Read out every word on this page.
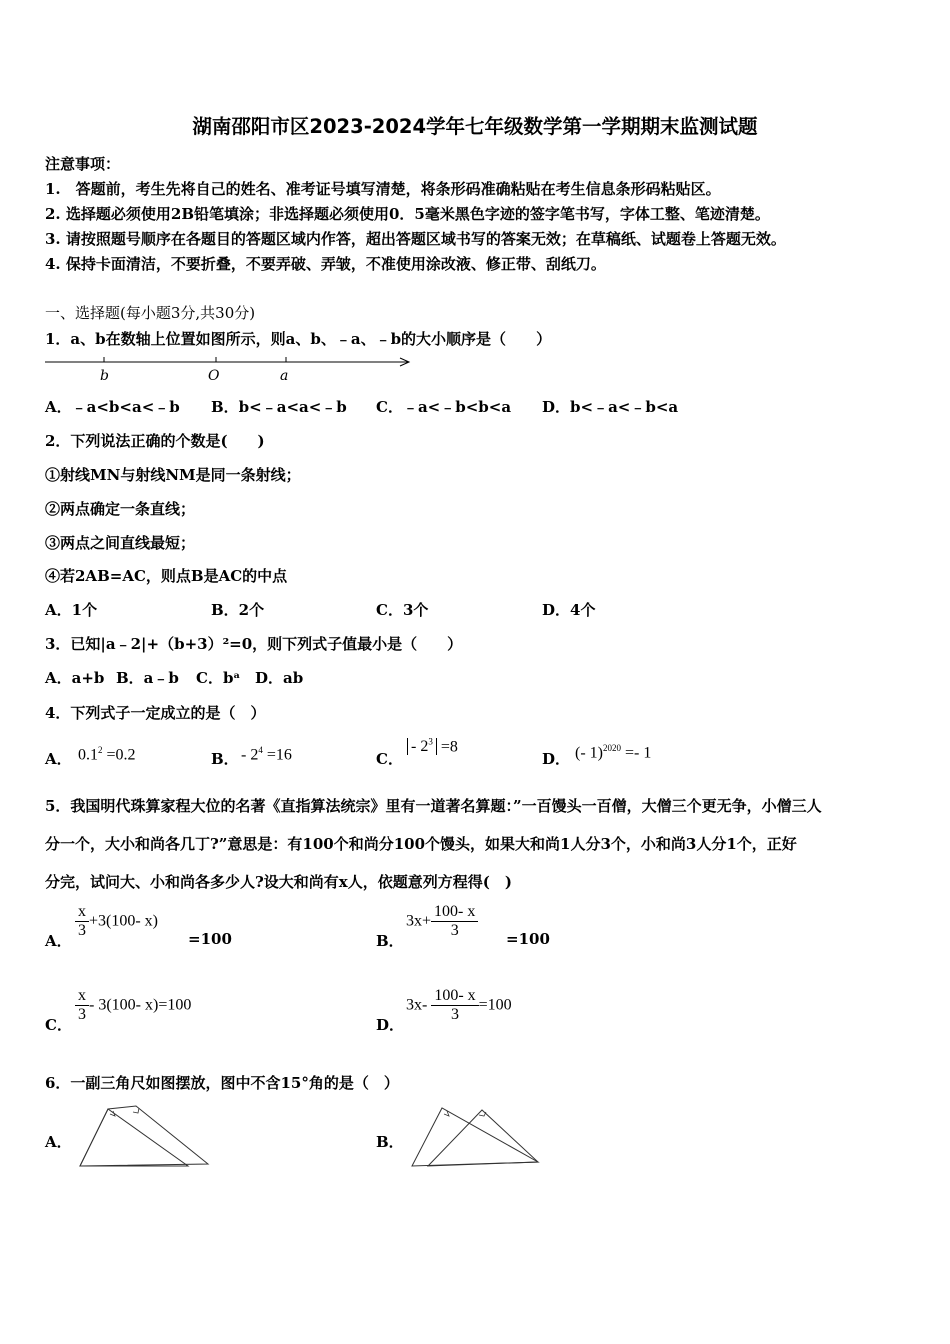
湖南邵阳市区2023-2024学年七年级数学第一学期期末监测试题
注意事项：
1.　答题前，考生先将自己的姓名、准考证号填写清楚，将条形码准确粘贴在考生信息条形码粘贴区。
2. 选择题必须使用2B铅笔填涂；非选择题必须使用0．5毫米黑色字迹的签字笔书写，字体工整、笔迹清楚。
3. 请按照题号顺序在各题目的答题区域内作答，超出答题区域书写的答案无效；在草稿纸、试题卷上答题无效。
4. 保持卡面清洁，不要折叠，不要弄破、弄皱，不准使用涂改液、修正带、刮纸刀。
一、选择题(每小题3分,共30分)
1．a、b在数轴上位置如图所示，则a、b、﹣a、﹣b的大小顺序是（　　）
b	O	a
A．﹣a<b<a<﹣b B．b<﹣a<a<﹣b C．﹣a<﹣b<b<a D．b<﹣a<﹣b<a
2．下列说法正确的个数是(　　)
①射线MN与射线NM是同一条射线；
②两点确定一条直线；
③两点之间直线最短；
④若2AB=AC，则点B是AC的中点
A．1个	B．2个	C．3个	D．4个
3．已知|a﹣2|+（b+3）²=0，则下列式子值最小是（　　）
A．a+b B．a﹣b C．bᵃ D．ab
4．下列式子一定成立的是（　）
A． $0.1^2 =0.2$	B． - $2^4 =16$	C．
- $2^3 =8$
D． (- 1)$^{2020}$ =- 1
5．我国明代珠算家程大位的名著《直指算法统宗》里有一道著名算题：”一百馒头一百僧，大僧三个更无争，小僧三人
分一个，大小和尚各几丁?”意思是：有100个和尚分100个馒头，如果大和尚1人分3个，小和尚3人分1个，正好
分完，试问大、小和尚各多少人?设大和尚有x人，依题意列方程得(　)
A．
$\frac{x}{3} +3(100-$ x)
=100	B．
$3x+ \frac{100- x}{3} =100$
C．
$\frac{x}{3} - 3(100-$ x)=100
D．
$3x- \frac{100- x}{3} =100$
6．一副三角尺如图摆放，图中不含15°角的是（　）
A．	B．
